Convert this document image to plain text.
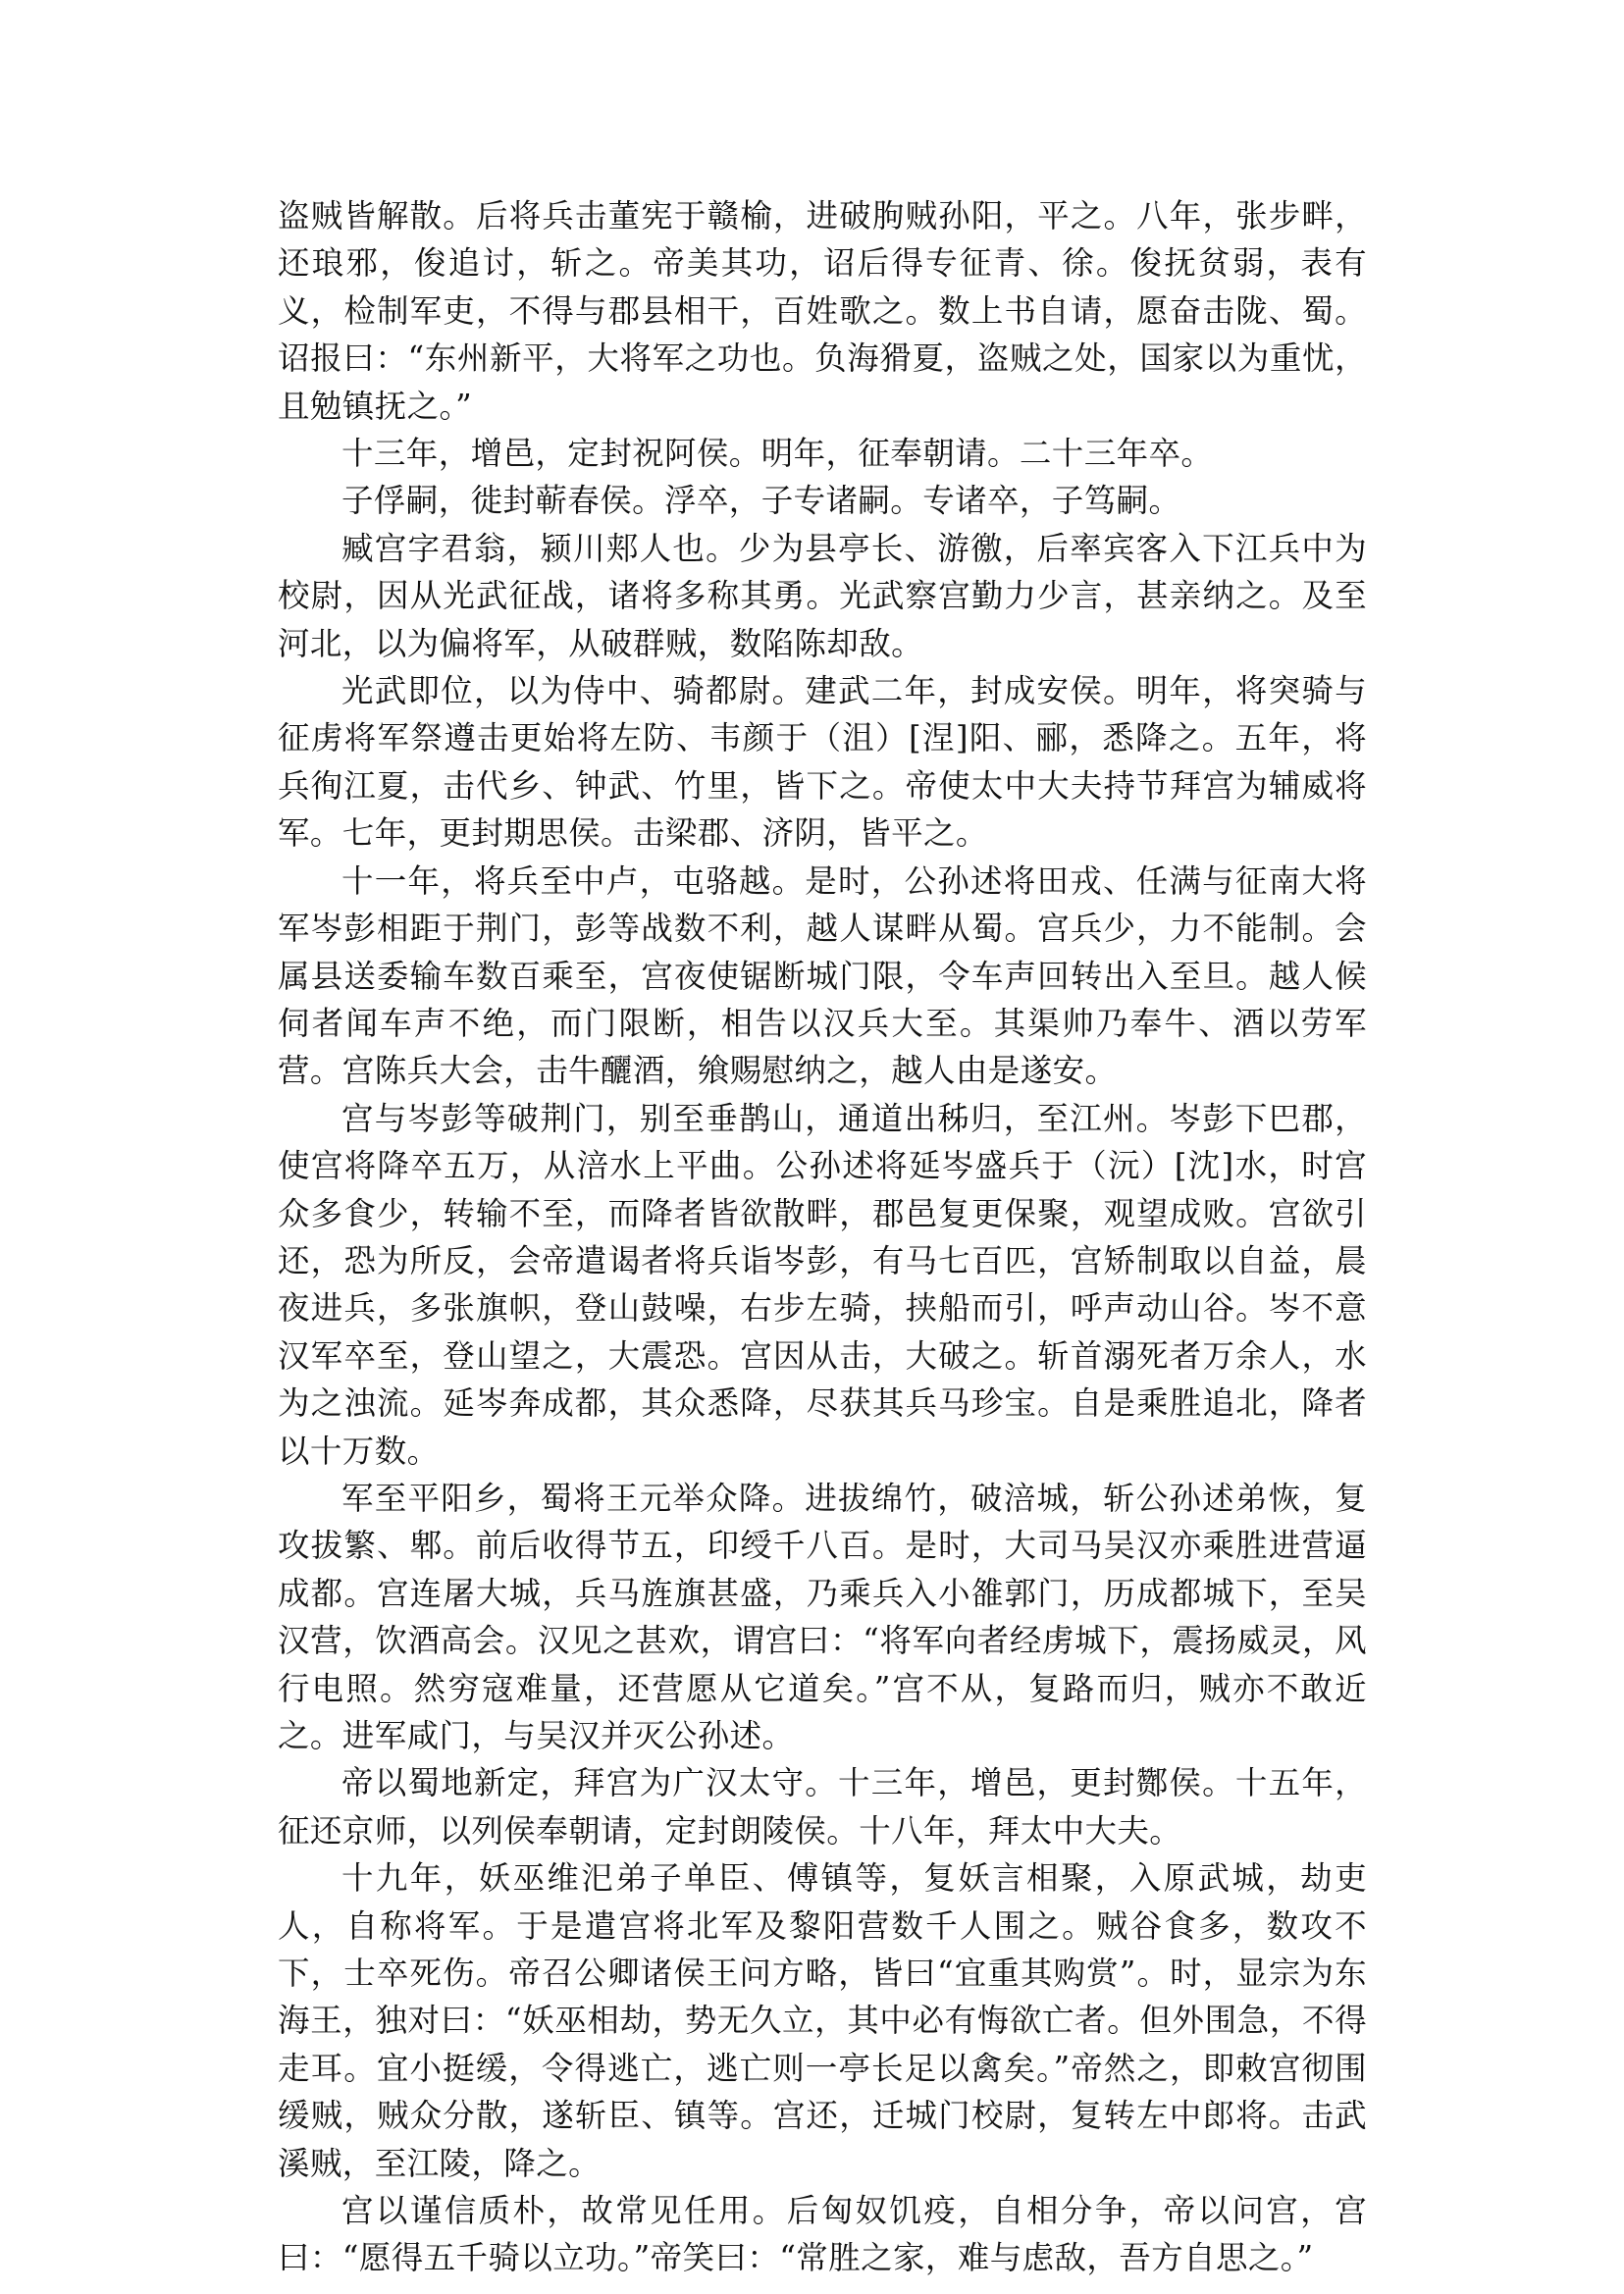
盗贼皆解散。后将兵击董宪于赣榆，进破朐贼孙阳，平之。八年，张步畔，还琅邪，俊追讨，斩之。帝美其功，诏后得专征青、徐。俊抚贫弱，表有义，检制军吏，不得与郡县相干，百姓歌之。数上书自请，愿奋击陇、蜀。诏报曰：“东州新平，大将军之功也。负海猾夏，盗贼之处，国家以为重忧，且勉镇抚之。”

十三年，增邑，定封祝阿侯。明年，征奉朝请。二十三年卒。

子俘嗣，徙封蕲春侯。浮卒，子专诸嗣。专诸卒，子笃嗣。

臧宫字君翁，颍川郏人也。少为县亭长、游徼，后率宾客入下江兵中为校尉，因从光武征战，诸将多称其勇。光武察宫勤力少言，甚亲纳之。及至河北，以为偏将军，从破群贼，数陷陈却敌。

光武即位，以为侍中、骑都尉。建武二年，封成安侯。明年，将突骑与征虏将军祭遵击更始将左防、韦颜于（沮）[涅]阳、郦，悉降之。五年，将兵徇江夏，击代乡、钟武、竹里，皆下之。帝使太中大夫持节拜宫为辅威将军。七年，更封期思侯。击梁郡、济阴，皆平之。

十一年，将兵至中卢，屯骆越。是时，公孙述将田戎、任满与征南大将军岑彭相距于荆门，彭等战数不利，越人谋畔从蜀。宫兵少，力不能制。会属县送委输车数百乘至，宫夜使锯断城门限，令车声回转出入至旦。越人候伺者闻车声不绝，而门限断，相告以汉兵大至。其渠帅乃奉牛、酒以劳军营。宫陈兵大会，击牛釃酒，飨赐慰纳之，越人由是遂安。

宫与岑彭等破荆门，别至垂鹊山，通道出秭归，至江州。岑彭下巴郡，使宫将降卒五万，从涪水上平曲。公孙述将延岑盛兵于（沅）[沈]水，时宫众多食少，转输不至，而降者皆欲散畔，郡邑复更保聚，观望成败。宫欲引还，恐为所反，会帝遣谒者将兵诣岑彭，有马七百匹，宫矫制取以自益，晨夜进兵，多张旗帜，登山鼓噪，右步左骑，挟船而引，呼声动山谷。岑不意汉军卒至，登山望之，大震恐。宫因从击，大破之。斩首溺死者万余人，水为之浊流。延岑奔成都，其众悉降，尽获其兵马珍宝。自是乘胜追北，降者以十万数。

军至平阳乡，蜀将王元举众降。进拔绵竹，破涪城，斩公孙述弟恢，复攻拔繁、郫。前后收得节五，印绶千八百。是时，大司马吴汉亦乘胜进营逼成都。宫连屠大城，兵马旌旗甚盛，乃乘兵入小雒郭门，历成都城下，至吴汉营，饮酒高会。汉见之甚欢，谓宫曰：“将军向者经虏城下，震扬威灵，风行电照。然穷寇难量，还营愿从它道矣。”宫不从，复路而归，贼亦不敢近之。进军咸门，与吴汉并灭公孙述。

帝以蜀地新定，拜宫为广汉太守。十三年，增邑，更封酂侯。十五年，征还京师，以列侯奉朝请，定封朗陵侯。十八年，拜太中大夫。

十九年，妖巫维汜弟子单臣、傅镇等，复妖言相聚，入原武城，劫吏人，自称将军。于是遣宫将北军及黎阳营数千人围之。贼谷食多，数攻不下，士卒死伤。帝召公卿诸侯王问方略，皆曰“宜重其购赏”。时，显宗为东海王，独对曰：“妖巫相劫，势无久立，其中必有悔欲亡者。但外围急，不得走耳。宜小挺缓，令得逃亡，逃亡则一亭长足以禽矣。”帝然之，即敕宫彻围缓贼，贼众分散，遂斩臣、镇等。宫还，迁城门校尉，复转左中郎将。击武溪贼，至江陵，降之。

宫以谨信质朴，故常见任用。后匈奴饥疫，自相分争，帝以问宫，宫曰：“愿得五千骑以立功。”帝笑曰：“常胜之家，难与虑敌，吾方自思之。”
